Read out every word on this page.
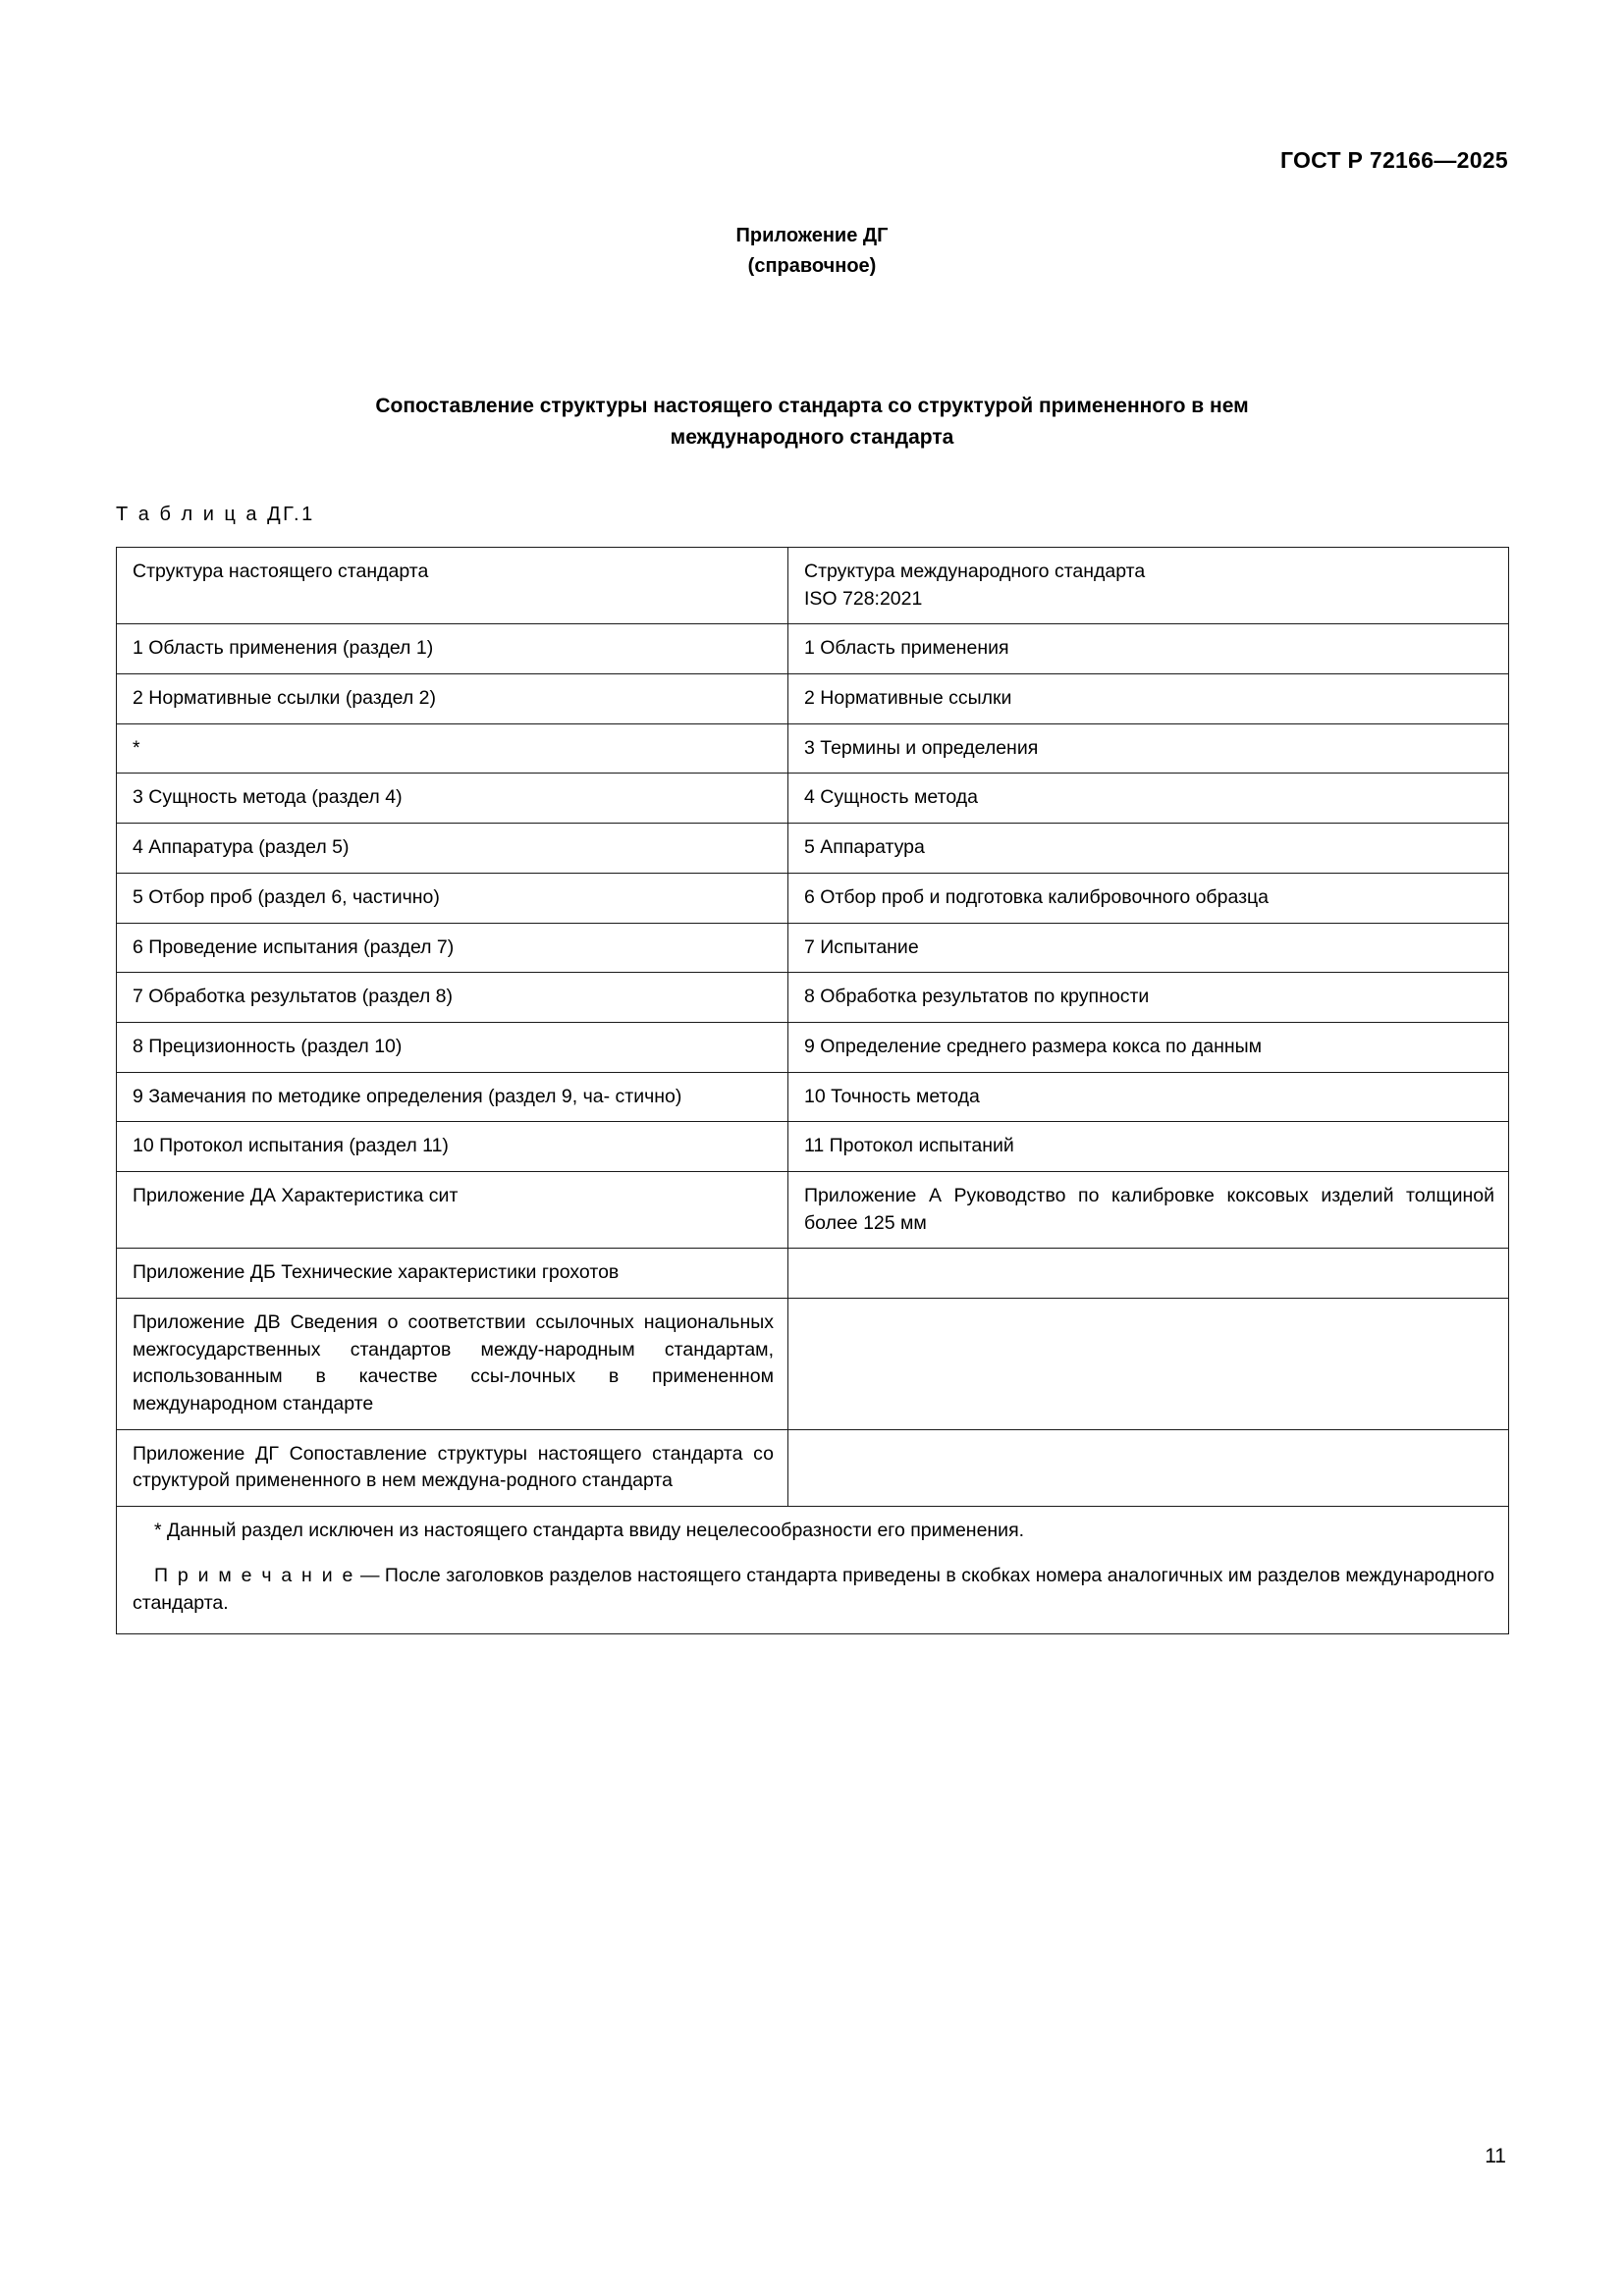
ГОСТ Р 72166—2025
Приложение ДГ
(справочное)
Сопоставление структуры настоящего стандарта со структурой примененного в нем
международного стандарта
Т а б л и ц а ДГ.1
Структура настоящего стандарта	Структура международного стандарта
ISO 728:2021

1 Область применения (раздел 1)	1 Область применения
2 Нормативные ссылки (раздел 2)	2 Нормативные ссылки
*	3 Термины и определения
3 Сущность метода (раздел 4)	4 Сущность метода
4 Аппаратура (раздел 5)	5 Аппаратура
5 Отбор проб (раздел 6, частично)	6 Отбор проб и подготовка калибровочного образца
6 Проведение испытания (раздел 7)	7 Испытание
7 Обработка результатов (раздел 8)	8 Обработка результатов по крупности
8 Прецизионность (раздел 10)	9 Определение среднего размера кокса по данным
9 Замечания по методике определения (раздел 9, ча- стично)	10 Точность метода
10 Протокол испытания (раздел 11)	11 Протокол испытаний
Приложение ДА Характеристика сит	Приложение А Руководство по калибровке коксовых изделий толщиной более 125 мм
Приложение ДБ Технические характеристики грохотов	
Приложение ДВ Сведения о соответствии ссылочных национальных межгосударственных стандартов между-народным стандартам, использованным в качестве ссы-лочных в примененном международном стандарте	
Приложение ДГ Сопоставление структуры настоящего стандарта со структурой примененного в нем междуна-родного стандарта	

* Данный раздел исключен из настоящего стандарта ввиду нецелесообразности его применения.

П р и м е ч а н и е — После заголовков разделов настоящего стандарта приведены в скобках номера аналогичных им разделов международного стандарта.	

11
